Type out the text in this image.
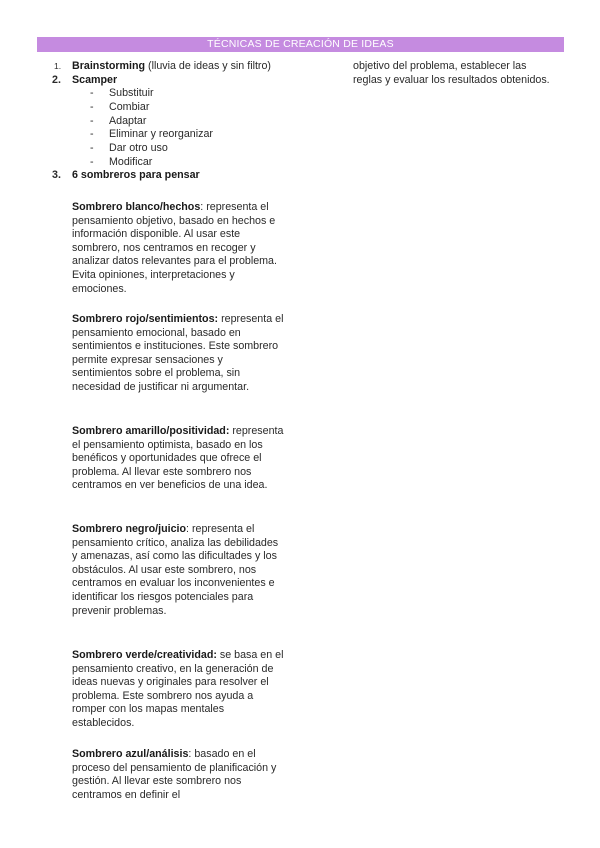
TÉCNICAS DE CREACIÓN DE IDEAS
1. Brainstorming (lluvia de ideas y sin filtro)
2. Scamper
- Substituir
- Combiar
- Adaptar
- Eliminar y reorganizar
- Dar otro uso
- Modificar
3. 6 sombreros para pensar
Sombrero blanco/hechos: representa el pensamiento objetivo, basado en hechos e información disponible. Al usar este sombrero, nos centramos en recoger y analizar datos relevantes para el problema. Evita opiniones, interpretaciones y emociones.
Sombrero rojo/sentimientos: representa el pensamiento emocional, basado en sentimientos e instituciones. Este sombrero permite expresar sensaciones y sentimientos sobre el problema, sin necesidad de justificar ni argumentar.
Sombrero amarillo/positividad: representa el pensamiento optimista, basado en los benéficos y oportunidades que ofrece el problema. Al llevar este sombrero nos centramos en ver beneficios de una idea.
Sombrero negro/juicio: representa el pensamiento crítico, analiza las debilidades y amenazas, así como las dificultades y los obstáculos. Al usar este sombrero, nos centramos en evaluar los inconvenientes e identificar los riesgos potenciales para prevenir problemas.
Sombrero verde/creatividad: se basa en el pensamiento creativo, en la generación de ideas nuevas y originales para resolver el problema. Este sombrero nos ayuda a romper con los mapas mentales establecidos.
Sombrero azul/análisis: basado en el proceso del pensamiento de planificación y gestión. Al llevar este sombrero nos centramos en definir el
objetivo del problema, establecer las reglas y evaluar los resultados obtenidos.
